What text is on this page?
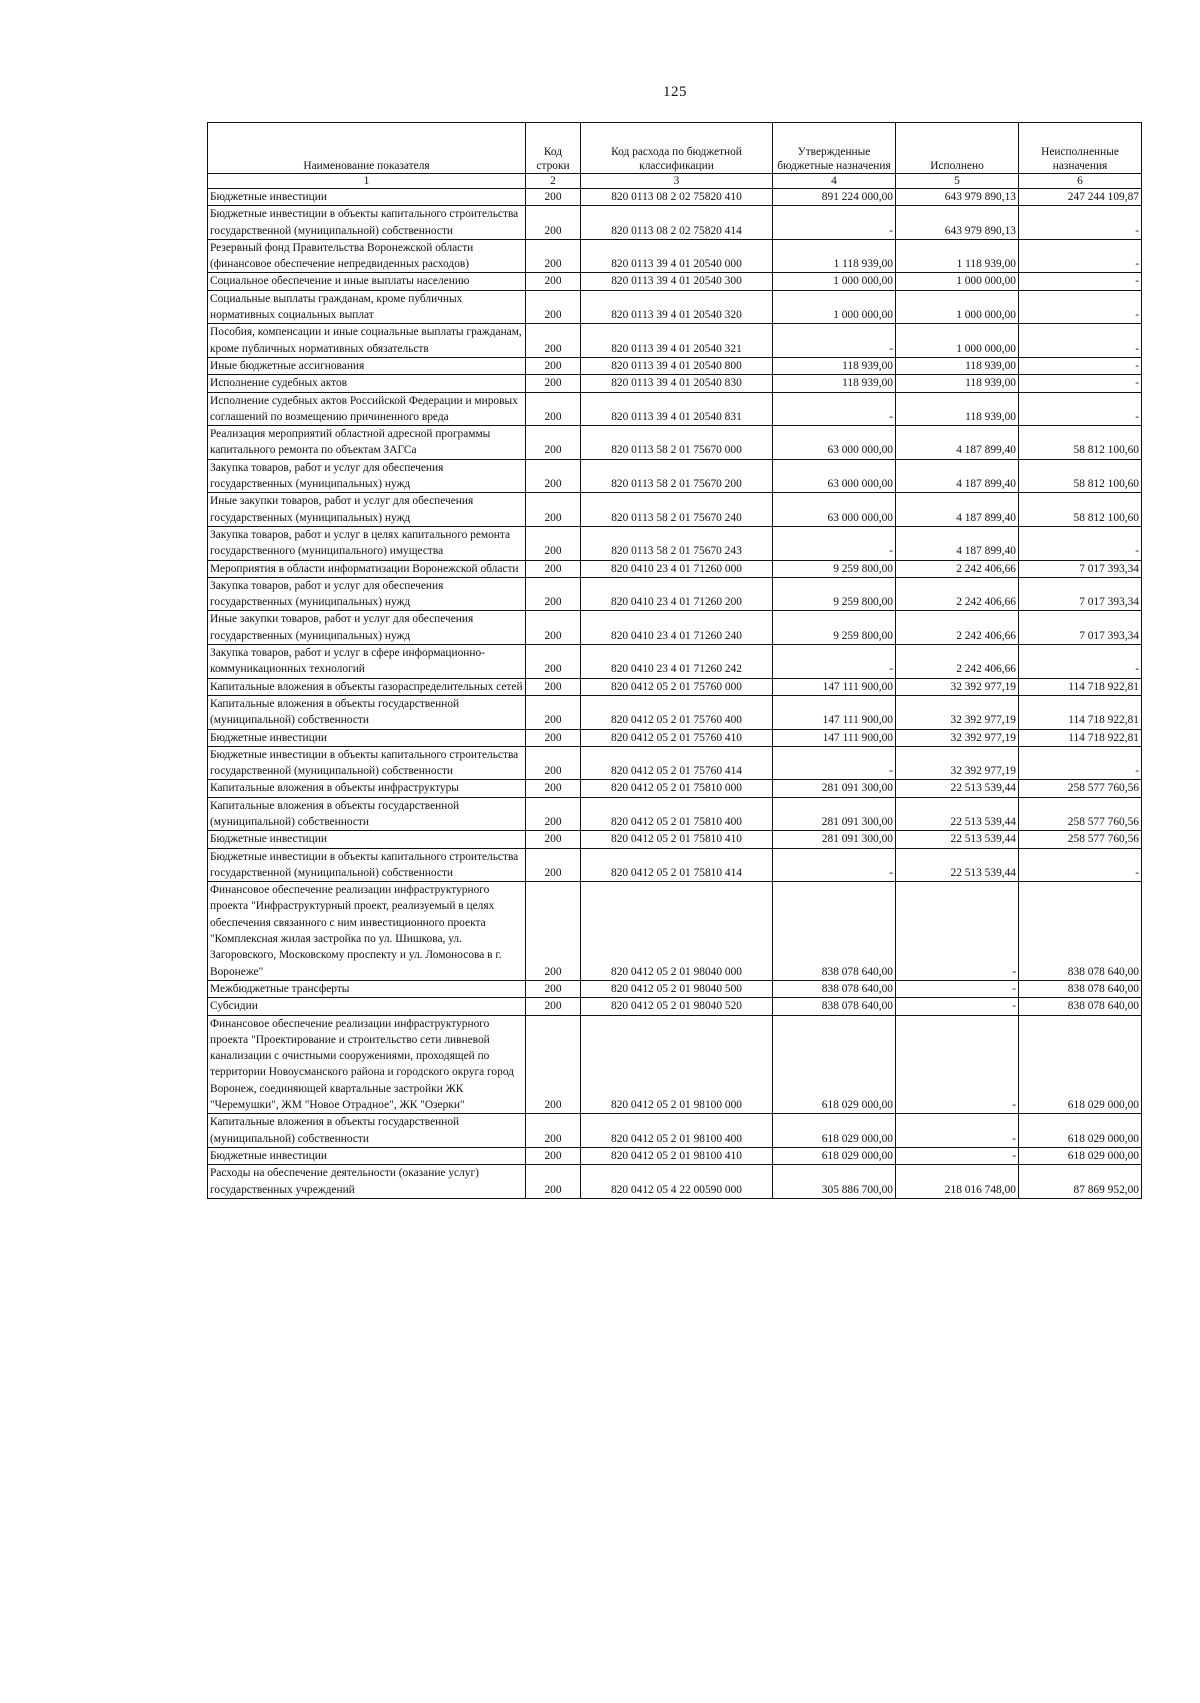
125
Наименование показателя	Код строки	Код расхода по бюджетной классификации	Утвержденные бюджетные назначения	Исполнено	Неисполненные назначения
1	2	3	4	5	6
Бюджетные инвестиции	200	820 0113 08 2 02 75820 410	891 224 000,00	643 979 890,13	247 244 109,87
Бюджетные инвестиции в объекты капитального строительства государственной (муниципальной) собственности	200	820 0113 08 2 02 75820 414	-	643 979 890,13	-
Резервный фонд Правительства Воронежской области (финансовое обеспечение непредвиденных расходов)	200	820 0113 39 4 01 20540 000	1 118 939,00	1 118 939,00	-
Социальное обеспечение и иные выплаты населению	200	820 0113 39 4 01 20540 300	1 000 000,00	1 000 000,00	-
Социальные выплаты гражданам, кроме публичных нормативных социальных выплат	200	820 0113 39 4 01 20540 320	1 000 000,00	1 000 000,00	-
Пособия, компенсации и иные социальные выплаты гражданам, кроме публичных нормативных обязательств	200	820 0113 39 4 01 20540 321	-	1 000 000,00	-
Иные бюджетные ассигнования	200	820 0113 39 4 01 20540 800	118 939,00	118 939,00	-
Исполнение судебных актов	200	820 0113 39 4 01 20540 830	118 939,00	118 939,00	-
Исполнение судебных актов Российской Федерации и мировых соглашений по возмещению причиненного вреда	200	820 0113 39 4 01 20540 831	-	118 939,00	-
Реализация мероприятий областной адресной программы капитального ремонта по объектам ЗАГСа	200	820 0113 58 2 01 75670 000	63 000 000,00	4 187 899,40	58 812 100,60
Закупка товаров, работ и услуг для обеспечения государственных (муниципальных) нужд	200	820 0113 58 2 01 75670 200	63 000 000,00	4 187 899,40	58 812 100,60
Иные закупки товаров, работ и услуг для обеспечения государственных (муниципальных) нужд	200	820 0113 58 2 01 75670 240	63 000 000,00	4 187 899,40	58 812 100,60
Закупка товаров, работ и услуг в целях капитального ремонта государственного (муниципального) имущества	200	820 0113 58 2 01 75670 243	-	4 187 899,40	-
Мероприятия в области информатизации Воронежской области	200	820 0410 23 4 01 71260 000	9 259 800,00	2 242 406,66	7 017 393,34
Закупка товаров, работ и услуг для обеспечения государственных (муниципальных) нужд	200	820 0410 23 4 01 71260 200	9 259 800,00	2 242 406,66	7 017 393,34
Иные закупки товаров, работ и услуг для обеспечения государственных (муниципальных) нужд	200	820 0410 23 4 01 71260 240	9 259 800,00	2 242 406,66	7 017 393,34
Закупка товаров, работ и услуг в сфере информационно-коммуникационных технологий	200	820 0410 23 4 01 71260 242	-	2 242 406,66	-
Капитальные вложения в объекты газораспределительных сетей	200	820 0412 05 2 01 75760 000	147 111 900,00	32 392 977,19	114 718 922,81
Капитальные вложения в объекты государственной (муниципальной) собственности	200	820 0412 05 2 01 75760 400	147 111 900,00	32 392 977,19	114 718 922,81
Бюджетные инвестиции	200	820 0412 05 2 01 75760 410	147 111 900,00	32 392 977,19	114 718 922,81
Бюджетные инвестиции в объекты капитального строительства государственной (муниципальной) собственности	200	820 0412 05 2 01 75760 414	-	32 392 977,19	-
Капитальные вложения в объекты инфраструктуры	200	820 0412 05 2 01 75810 000	281 091 300,00	22 513 539,44	258 577 760,56
Капитальные вложения в объекты государственной (муниципальной) собственности	200	820 0412 05 2 01 75810 400	281 091 300,00	22 513 539,44	258 577 760,56
Бюджетные инвестиции	200	820 0412 05 2 01 75810 410	281 091 300,00	22 513 539,44	258 577 760,56
Бюджетные инвестиции в объекты капитального строительства государственной (муниципальной) собственности	200	820 0412 05 2 01 75810 414	-	22 513 539,44	-
Финансовое обеспечение реализации инфраструктурного проекта "Инфраструктурный проект, реализуемый в целях обеспечения связанного с ним инвестиционного проекта "Комплексная жилая застройка по ул. Шишкова, ул. Загоровского, Московскому проспекту и ул. Ломоносова в г. Воронеже"	200	820 0412 05 2 01 98040 000	838 078 640,00	-	838 078 640,00
Межбюджетные трансферты	200	820 0412 05 2 01 98040 500	838 078 640,00	-	838 078 640,00
Субсидии	200	820 0412 05 2 01 98040 520	838 078 640,00	-	838 078 640,00
Финансовое обеспечение реализации инфраструктурного проекта "Проектирование и строительство сети ливневой канализации с очистными сооружениями, проходящей по территории Новоусманского района и городского округа город Воронеж, соединяющей квартальные застройки ЖК "Черемушки", ЖМ "Новое Отрадное", ЖК "Озерки"	200	820 0412 05 2 01 98100 000	618 029 000,00	-	618 029 000,00
Капитальные вложения в объекты государственной (муниципальной) собственности	200	820 0412 05 2 01 98100 400	618 029 000,00	-	618 029 000,00
Бюджетные инвестиции	200	820 0412 05 2 01 98100 410	618 029 000,00	-	618 029 000,00
Расходы на обеспечение деятельности (оказание услуг) государственных учреждений	200	820 0412 05 4 22 00590 000	305 886 700,00	218 016 748,00	87 869 952,00
